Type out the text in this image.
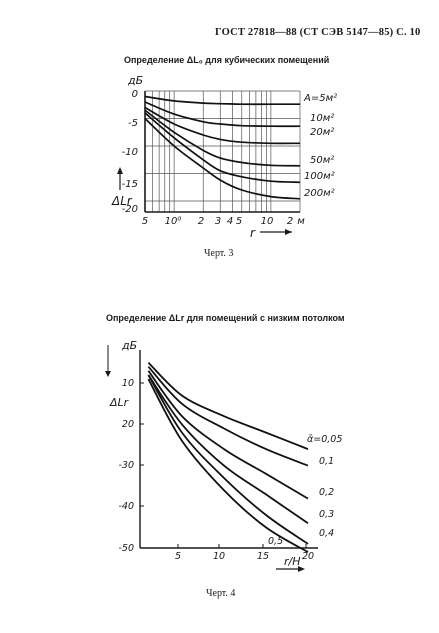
ГОСТ 27818—88 (СТ СЭВ 5147—85) С. 10
Определение ΔL₀ для кубических помещений
дБ
ΔLr
r
0
-5
-10
-15
-20
5 10⁰ 2 3 4 5 10 2 м
A=5м²
10м²
20м²
50м²
100м²
200м²
Черт. 3
Определение ΔLr для помещений с низким потолком
дБ
ΔLr
r/H
10
20
-30
-40
-50
5	10	15	20
ᾱ=0,05
0,1
0,2
0,3
0,4
0,5
Черт. 4
